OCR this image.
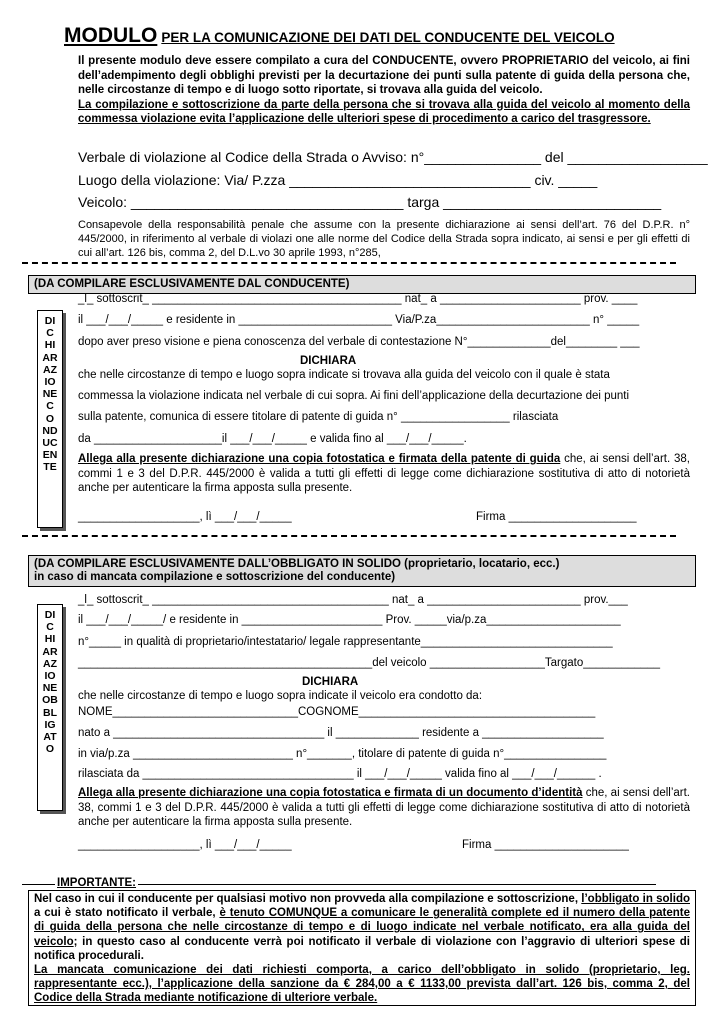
MODULO PER LA COMUNICAZIONE DEI DATI DEL CONDUCENTE DEL VEICOLO

Il presente modulo deve essere compilato a cura del CONDUCENTE, ovvero PROPRIETARIO del veicolo, ai fini dell’adempimento degli obblighi previsti per la decurtazione dei punti sulla patente di guida della persona che, nelle circostanze di tempo e di luogo sotto riportate, si trovava alla guida del veicolo.

La compilazione e sottoscrizione da parte della persona che si trovava alla guida del veicolo al momento della commessa violazione evita l’applicazione delle ulteriori spese di procedimento a carico del trasgressore.

Verbale di violazione al Codice della Strada o Avviso: n°_______________ del __________________
Luogo della violazione: Via/ P.zza _______________________________ civ. _____
Veicolo: ___________________________________ targa ____________________________
Consapevole della responsabilità penale che assume con la presente dichiarazione ai sensi dell’art. 76 del D.P.R. n° 445/2000, in riferimento al verbale di violazi one alle norme del Codice della Strada sopra indicato, ai sensi e per gli effetti di cui all’art. 126 bis, comma 2, del D.L.vo 30 aprile 1993, n°285,
(DA COMPILARE ESCLUSIVAMENTE DAL CONDUCENTE)
DI
C
HI
AR
AZ
IO
NE
C
O
ND
UC
EN
TE
_l_ sottoscrit_ _______________________________________ nat_ a ______________________ prov. ____
il ___/___/_____ e residente in ________________________ Via/P.za________________________ n° _____
dopo aver preso visione e piena conoscenza del verbale di contestazione N°_____________del________ ___
DICHIARA
che nelle circostanze di tempo e luogo sopra indicate si trovava alla guida del veicolo con il quale è stata
commessa la violazione indicata nel verbale di cui sopra. Ai fini dell’applicazione della decurtazione dei punti
sulla patente, comunica di essere titolare di patente di guida n° _________________ rilasciata
da ____________________il ___/___/_____ e valida fino al ___/___/_____.

Allega alla presente dichiarazione una copia fotostatica e firmata della patente di guida che, ai sensi dell’art. 38, commi 1 e 3 del D.P.R. 445/2000 è valida a tutti gli effetti di legge come dichiarazione sostitutiva di atto di notorietà anche per autenticare la firma apposta sulla presente.

___________________, lì ___/___/_____	Firma ____________________
(DA COMPILARE ESCLUSIVAMENTE DALL’OBBLIGATO IN SOLIDO (proprietario, locatario, ecc.)
in caso di mancata compilazione e sottoscrizione del conducente)
DI
C
HI
AR
AZ
IO
NE
OB
BL
IG
AT
O
_l_ sottoscrit_ _____________________________________ nat_ a ________________________ prov.___
il ___/___/_____/ e residente in ______________________ Prov. _____via/p.za_____________________
n°_____ in qualità di proprietario/intestatario/ legale rappresentante______________________________
______________________________________________del veicolo __________________Targato____________
DICHIARA
che nelle circostanze di tempo e luogo sopra indicate il veicolo era condotto da:
NOME_____________________________COGNOME_____________________________________
nato a _________________________________ il _____________ residente a ___________________
in via/p.za _________________________ n°_______, titolare di patente di guida n°________________
rilasciata da _________________________________ il ___/___/_____ valida fino al ___/___/______ .

Allega alla presente dichiarazione una copia fotostatica e firmata di un documento d’identità che, ai sensi dell’art. 38, commi 1 e 3 del D.P.R. 445/2000 è valida a tutti gli effetti di legge come dichiarazione sostitutiva di atto di notorietà anche per autenticare la firma apposta sulla presente.

___________________, lì ___/___/_____	Firma _____________________
IMPORTANTE:

Nel caso in cui il conducente per qualsiasi motivo non provveda alla compilazione e sottoscrizione, l’obbligato in solido a cui è stato notificato il verbale, è tenuto COMUNQUE a comunicare le generalità complete ed il numero della patente di guida della persona che nelle circostanze di tempo e di luogo indicate nel verbale notificato, era alla guida del veicolo; in questo caso al conducente verrà poi notificato il verbale di violazione con l’aggravio di ulteriori spese di notifica procedurali.

La mancata comunicazione dei dati richiesti comporta, a carico dell’obbligato in solido (proprietario, leg. rappresentante ecc.), l’applicazione della sanzione da € 284,00 a € 1133,00 prevista dall’art. 126 bis, comma 2, del Codice della Strada mediante notificazione di ulteriore verbale.
